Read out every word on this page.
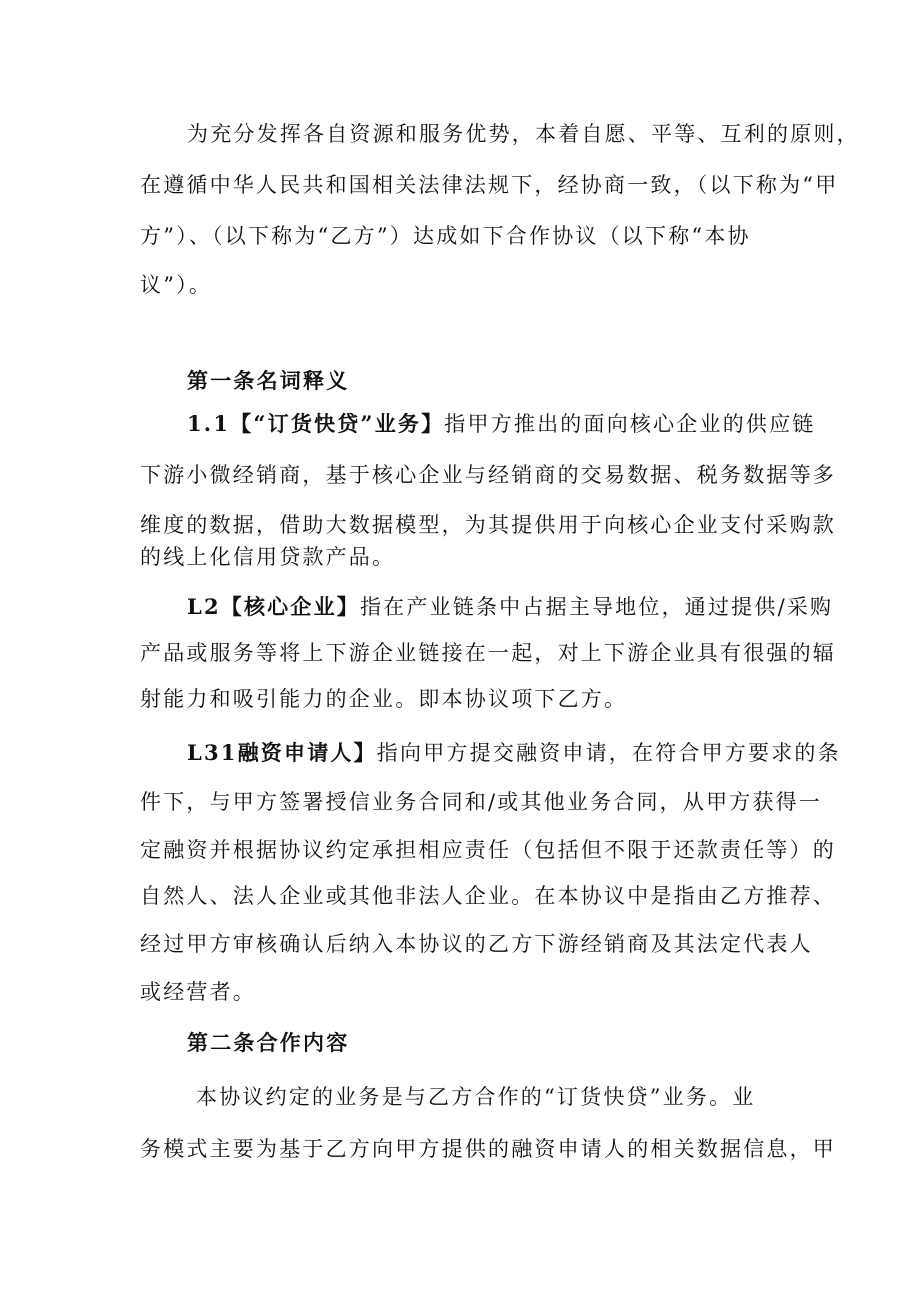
为充分发挥各自资源和服务优势，本着自愿、平等、互利的原则，
在遵循中华人民共和国相关法律法规下，经协商一致，（以下称为“甲
方”）、（以下称为“乙方”）达成如下合作协议（以下称“本协
议”）。
第一条名词释义
1.1【“订货快贷”业务】指甲方推出的面向核心企业的供应链
下游小微经销商，基于核心企业与经销商的交易数据、税务数据等多
维度的数据，借助大数据模型，为其提供用于向核心企业支付采购款
的线上化信用贷款产品。
L2【核心企业】指在产业链条中占据主导地位，通过提供/采购
产品或服务等将上下游企业链接在一起，对上下游企业具有很强的辐
射能力和吸引能力的企业。即本协议项下乙方。
L31融资申请人】指向甲方提交融资申请，在符合甲方要求的条
件下，与甲方签署授信业务合同和/或其他业务合同，从甲方获得一
定融资并根据协议约定承担相应责任（包括但不限于还款责任等）的
自然人、法人企业或其他非法人企业。在本协议中是指由乙方推荐、
经过甲方审核确认后纳入本协议的乙方下游经销商及其法定代表人
或经营者。
第二条合作内容
本协议约定的业务是与乙方合作的“订货快贷”业务。业
务模式主要为基于乙方向甲方提供的融资申请人的相关数据信息，甲
